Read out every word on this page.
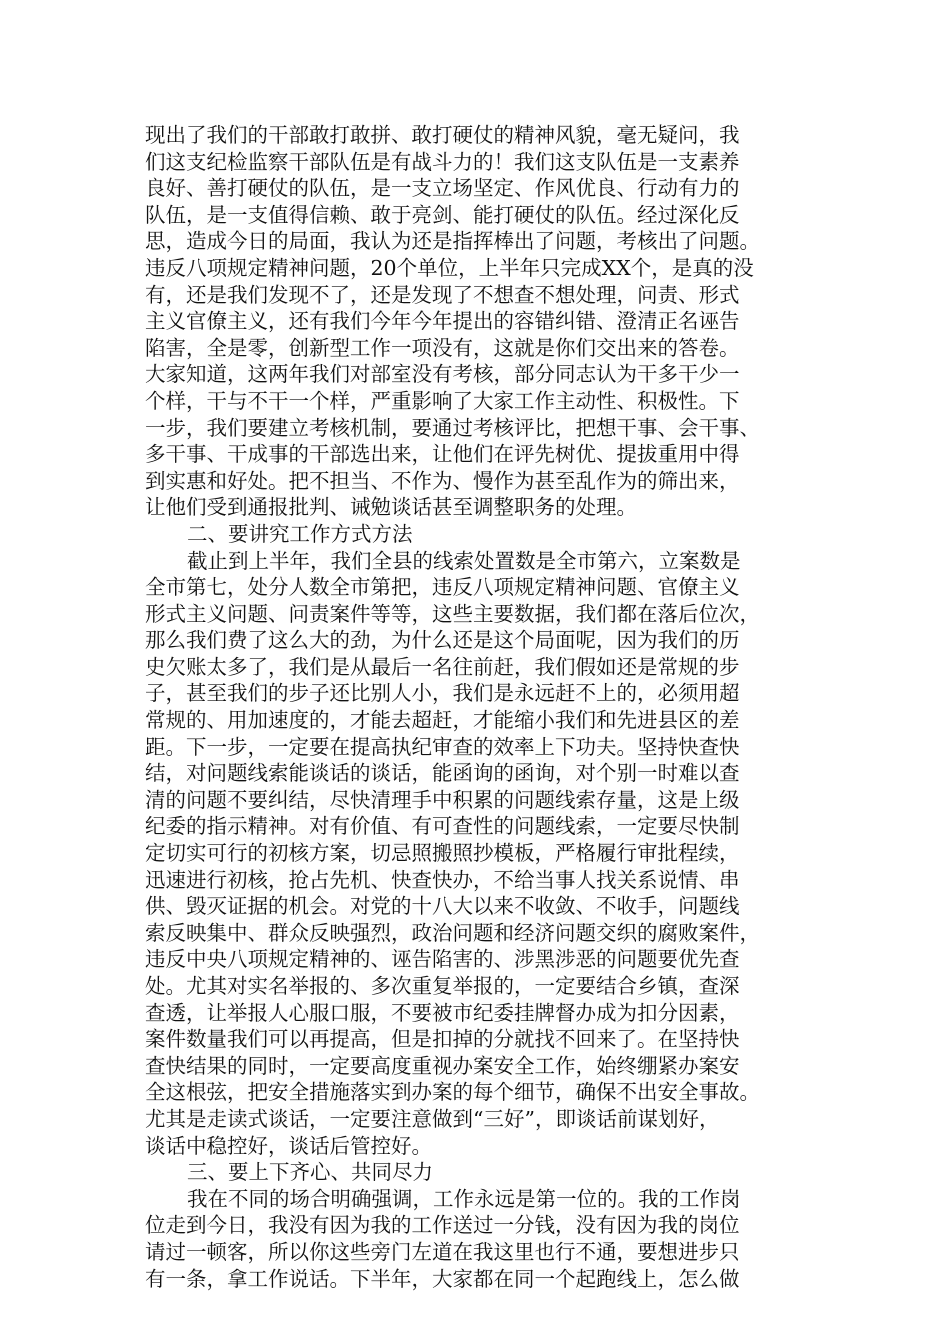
现出了我们的干部敢打敢拼、敢打硬仗的精神风貌，毫无疑问，我
们这支纪检监察干部队伍是有战斗力的！我们这支队伍是一支素养
良好、善打硬仗的队伍，是一支立场坚定、作风优良、行动有力的
队伍，是一支值得信赖、敢于亮剑、能打硬仗的队伍。经过深化反
思，造成今日的局面，我认为还是指挥棒出了问题，考核出了问题。
违反八项规定精神问题，20个单位，上半年只完成XX个，是真的没
有，还是我们发现不了，还是发现了不想查不想处理，问责、形式
主义官僚主义，还有我们今年今年提出的容错纠错、澄清正名诬告
陷害，全是零，创新型工作一项没有，这就是你们交出来的答卷。
大家知道，这两年我们对部室没有考核，部分同志认为干多干少一
个样，干与不干一个样，严重影响了大家工作主动性、积极性。下
一步，我们要建立考核机制，要通过考核评比，把想干事、会干事、
多干事、干成事的干部选出来，让他们在评先树优、提拔重用中得
到实惠和好处。把不担当、不作为、慢作为甚至乱作为的筛出来，
让他们受到通报批判、诫勉谈话甚至调整职务的处理。
二、要讲究工作方式方法
截止到上半年，我们全县的线索处置数是全市第六，立案数是
全市第七，处分人数全市第把，违反八项规定精神问题、官僚主义
形式主义问题、问责案件等等，这些主要数据，我们都在落后位次，
那么我们费了这么大的劲，为什么还是这个局面呢，因为我们的历
史欠账太多了，我们是从最后一名往前赶，我们假如还是常规的步
子，甚至我们的步子还比别人小，我们是永远赶不上的，必须用超
常规的、用加速度的，才能去超赶，才能缩小我们和先进县区的差
距。下一步，一定要在提高执纪审查的效率上下功夫。坚持快查快
结，对问题线索能谈话的谈话，能函询的函询，对个别一时难以查
清的问题不要纠结，尽快清理手中积累的问题线索存量，这是上级
纪委的指示精神。对有价值、有可查性的问题线索，一定要尽快制
定切实可行的初核方案，切忌照搬照抄模板，严格履行审批程续，
迅速进行初核，抢占先机、快查快办，不给当事人找关系说情、串
供、毁灭证据的机会。对党的十八大以来不收敛、不收手，问题线
索反映集中、群众反映强烈，政治问题和经济问题交织的腐败案件，
违反中央八项规定精神的、诬告陷害的、涉黑涉恶的问题要优先查
处。尤其对实名举报的、多次重复举报的，一定要结合乡镇，查深
查透，让举报人心服口服，不要被市纪委挂牌督办成为扣分因素，
案件数量我们可以再提高，但是扣掉的分就找不回来了。在坚持快
查快结果的同时，一定要高度重视办案安全工作，始终绷紧办案安
全这根弦，把安全措施落实到办案的每个细节，确保不出安全事故。
尤其是走读式谈话，一定要注意做到“三好”，即谈话前谋划好，
谈话中稳控好，谈话后管控好。
三、要上下齐心、共同尽力
我在不同的场合明确强调，工作永远是第一位的。我的工作岗
位走到今日，我没有因为我的工作送过一分钱，没有因为我的岗位
请过一顿客，所以你这些旁门左道在我这里也行不通，要想进步只
有一条，拿工作说话。下半年，大家都在同一个起跑线上，怎么做
